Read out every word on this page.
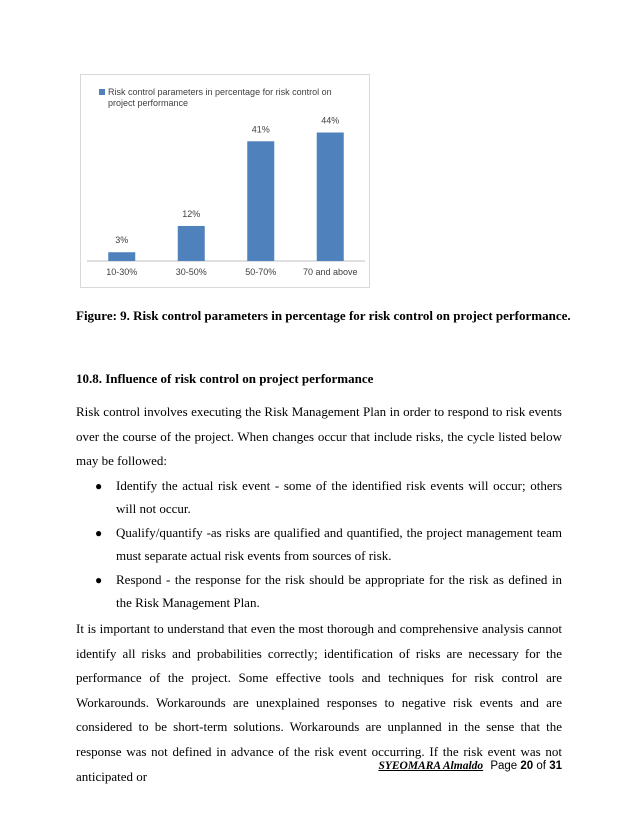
Risk control parameters in percentage for risk control on
project performance
3%
10-30%
12%
30-50%
41%
50-70%
44%
70 and above
Figure: 9. Risk control parameters in percentage for risk control on project performance.
10.8. Influence of risk control on project performance
Risk control involves executing the Risk Management Plan in order to respond to risk events over the course of the project. When changes occur that include risks, the cycle listed below may be followed:
● Identify the actual risk event - some of the identified risk events will occur; others will not occur.
● Qualify/quantify -as risks are qualified and quantified, the project management team must separate actual risk events from sources of risk.
● Respond - the response for the risk should be appropriate for the risk as defined in the Risk Management Plan.
It is important to understand that even the most thorough and comprehensive analysis cannot identify all risks and probabilities correctly; identification of risks are necessary for the performance of the project. Some effective tools and techniques for risk control are Workarounds. Workarounds are unexplained responses to negative risk events and are considered to be short-term solutions. Workarounds are unplanned in the sense that the response was not defined in advance of the risk event occurring. If the risk event was not anticipated or
SYEOMARA Almaldo Page 20 of 31
